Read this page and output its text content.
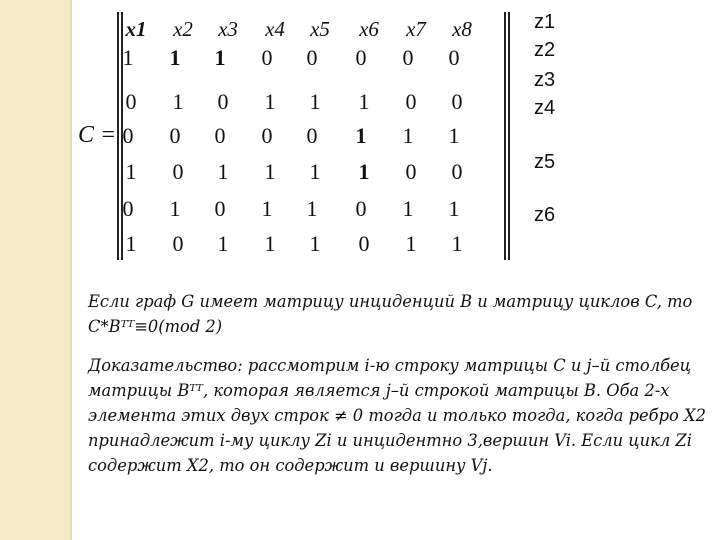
C =
x1 x2 x3 x4 x5 x6 x7 x8
1 1 1 0 0 0 0 0
0 1 0 1 1 1 0 0
0 0 0 0 0 1 1 1
1 0 1 1 1 1 0 0
0 1 0 1 1 0 1 1
1 0 1 1 1 0 1 1
z1
z2
z3
z4
z5
z6

Если граф G имеет матрицу инциденций B и матрицу циклов C, то
C*Bᵀᵀ≡0(mod 2)

Доказательство: рассмотрим i-ю строку матрицы C и j–й столбец
матрицы Bᵀᵀ, которая является j–й строкой матрицы B. Оба 2-х
элемента этих двух строк ≠ 0 тогда и только тогда, когда ребро X2
принадлежит i-му циклу Zi и инцидентно 3,вершин Vi. Если цикл Zi
содержит X2, то он содержит и вершину Vj.
